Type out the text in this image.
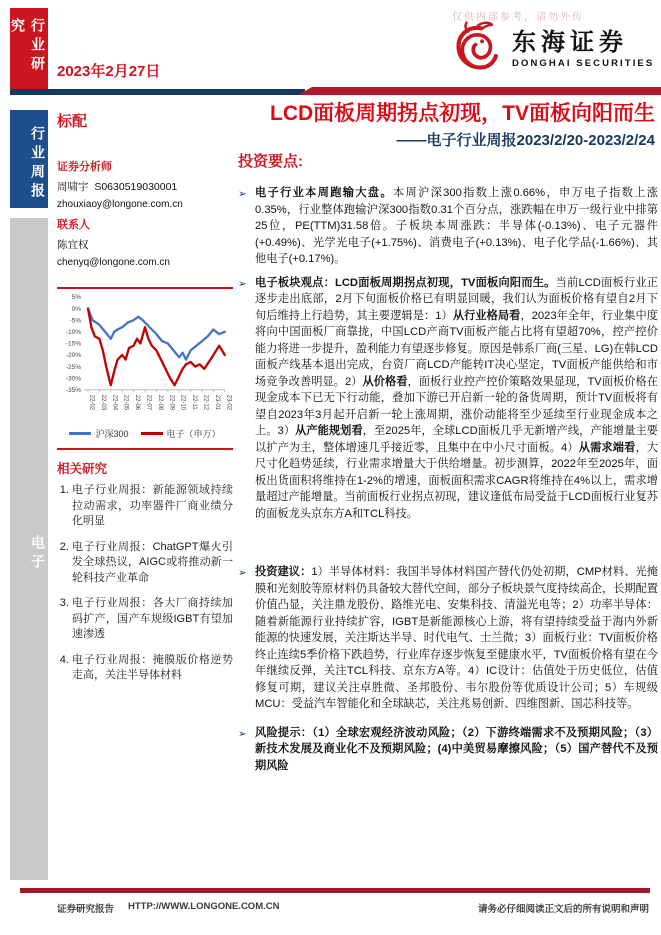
仅供内部参考，请勿外传
行业研究
行业周报
电子
2023年2月27日
东海证券
DONGHAI SECURITIES
LCD面板周期拐点初现，TV面板向阳而生
——电子行业周报2023/2/20-2023/2/24
标配
证券分析师
周啸宇 S0630519030001
zhouxiaoy@longone.com.cn
联系人
陈宜权
chenyq@longone.com.cn
5%
0%
-5%
-10%
-15%
-20%
-25%
-30%
-35%
22-02 22-03 22-04 22-05 22-06 22-07 22-08 22-09 22-10 22-11 22-12 23-01 23-02
沪深300	电子（申万）
相关研究
1. 电子行业周报：新能源领域持续拉动需求，功率器件厂商业绩分化明显
2. 电子行业周报：ChatGPT爆火引发全球热议，AIGC或将推动新一轮科技产业革命
3. 电子行业周报：各大厂商持续加码扩产，国产车规级IGBT有望加速渗透
4. 电子行业周报：掩膜版价格逆势走高，关注半导体材料
投资要点:

➢ 电子行业本周跑输大盘。本周沪深300指数上涨0.66%，申万电子指数上涨0.35%，行业整体跑输沪深300指数0.31个百分点，涨跌幅在申万一级行业中排第25位，PE(TTM)31.58倍。子板块本周涨跌：半导体(-0.13%)、电子元器件(+0.49%)、光学光电子(+1.75%)、消费电子(+0.13%)、电子化学品(-1.66%)、其他电子(+0.17%)。

➢ 电子板块观点：LCD面板周期拐点初现，TV面板向阳而生。当前LCD面板行业正逐步走出底部，2月下旬面板价格已有明显回暖，我们认为面板价格有望自2月下旬后维持上行趋势，其主要逻辑是：1）从行业格局看，2023年全年，行业集中度将向中国面板厂商靠拢，中国LCD产商TV面板产能占比将有望超70%，控产控价能力将进一步提升，盈利能力有望逐步修复。原因是韩系厂商(三星、LG)在韩LCD面板产线基本退出完成，台资厂商LCD产能转IT决心坚定，TV面板产能供给和市场竞争改善明显。2）从价格看，面板行业控产控价策略效果显现，TV面板价格在现金成本下已无下行动能，叠加下游已开启新一轮的备货周期，预计TV面板将有望自2023年3月起开启新一轮上涨周期，涨价动能将至少延续至行业现金成本之上。3）从产能规划看，至2025年，全球LCD面板几乎无新增产线，产能增量主要以扩产为主，整体增速几乎接近零，且集中在中小尺寸面板。4）从需求端看，大尺寸化趋势延续，行业需求增量大于供给增量。初步测算，2022年至2025年，面板出货面积将维持在1-2%的增速，面板面积需求CAGR将维持在4%以上，需求增量超过产能增量。当前面板行业拐点初现，建议逢低布局受益于LCD面板行业复苏的面板龙头京东方A和TCL科技。

➢ 投资建议：1）半导体材料：我国半导体材料国产替代仍处初期，CMP材料、光掩膜和光刻胶等原材料仍具备较大替代空间，部分子板块景气度持续高企，长期配置价值凸显，关注鼎龙股份、路维光电、安集科技、清溢光电等；2）功率半导体：随着新能源行业持续扩容，IGBT是新能源核心上游，将有望持续受益于海内外新能源的快速发展，关注斯达半导、时代电气、士兰微；3）面板行业：TV面板价格终止连续5季价格下跌趋势，行业库存逐步恢复至健康水平，TV面板价格有望在今年继续反弹，关注TCL科技、京东方A等。4）IC设计：估值处于历史低位，估值修复可期，建议关注卓胜微、圣邦股份、韦尔股份等优质设计公司；5）车规级MCU：受益汽车智能化和全球缺芯，关注兆易创新、四维图新、国芯科技等。

➢ 风险提示：（1）全球宏观经济波动风险；（2）下游终端需求不及预期风险；（3）新技术发展及商业化不及预期风险；(4)中美贸易摩擦风险；（5）国产替代不及预期风险

证券研究报告 HTTP://WWW.LONGONE.COM.CN	请务必仔细阅读正文后的所有说明和声明
